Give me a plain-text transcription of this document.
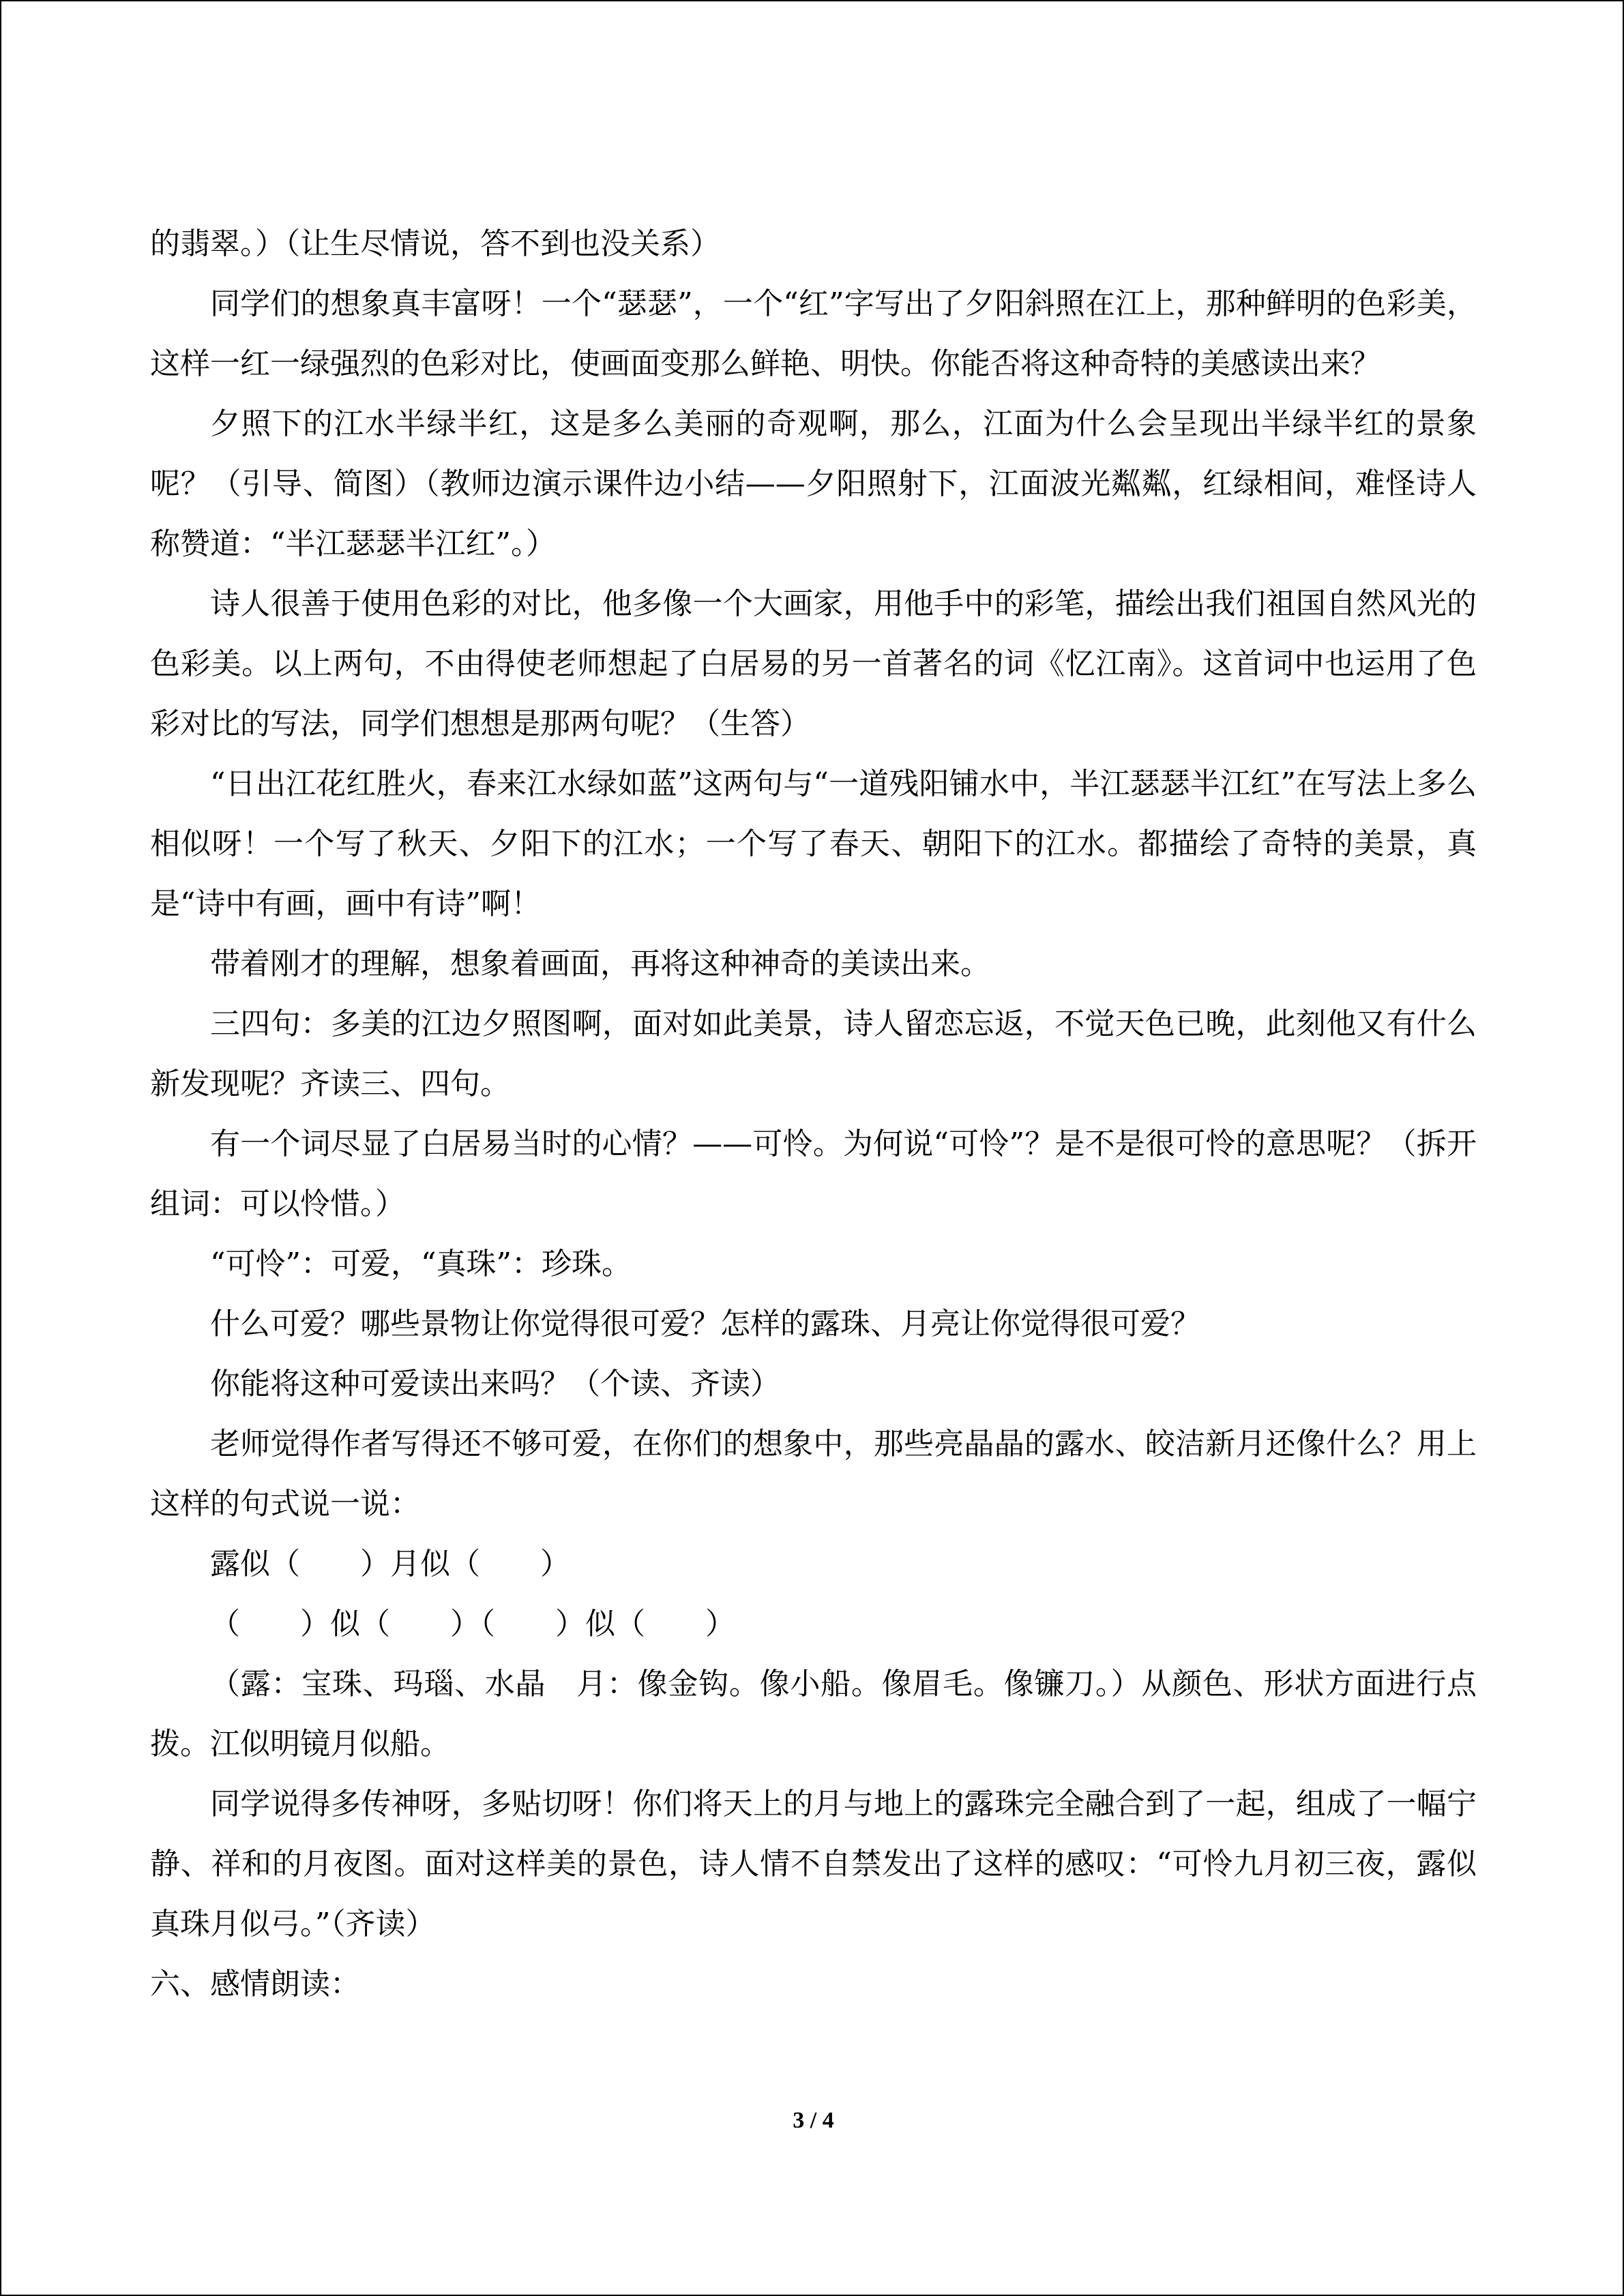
的翡翠。）（让生尽情说，答不到也没关系）

同学们的想象真丰富呀！一个“瑟瑟”，一个“红”字写出了夕阳斜照在江上，那种鲜明的色彩美，这样一红一绿强烈的色彩对比，使画面变那么鲜艳、明快。你能否将这种奇特的美感读出来？

夕照下的江水半绿半红，这是多么美丽的奇观啊，那么，江面为什么会呈现出半绿半红的景象呢？（引导、简图）（教师边演示课件边小结——夕阳照射下，江面波光粼粼，红绿相间，难怪诗人称赞道：“半江瑟瑟半江红”。）

诗人很善于使用色彩的对比，他多像一个大画家，用他手中的彩笔，描绘出我们祖国自然风光的色彩美。以上两句，不由得使老师想起了白居易的另一首著名的词《忆江南》。这首词中也运用了色彩对比的写法，同学们想想是那两句呢？（生答）

“日出江花红胜火，春来江水绿如蓝”这两句与“一道残阳铺水中，半江瑟瑟半江红”在写法上多么相似呀！一个写了秋天、夕阳下的江水；一个写了春天、朝阳下的江水。都描绘了奇特的美景，真是“诗中有画，画中有诗”啊！

带着刚才的理解，想象着画面，再将这种神奇的美读出来。

三四句：多美的江边夕照图啊，面对如此美景，诗人留恋忘返，不觉天色已晚，此刻他又有什么新发现呢？齐读三、四句。

有一个词尽显了白居易当时的心情？——可怜。为何说“可怜”？是不是很可怜的意思呢？（拆开组词：可以怜惜。）

“可怜”：可爱，“真珠”：珍珠。

什么可爱？哪些景物让你觉得很可爱？怎样的露珠、月亮让你觉得很可爱？

你能将这种可爱读出来吗？（个读、齐读）

老师觉得作者写得还不够可爱，在你们的想象中，那些亮晶晶的露水、皎洁新月还像什么？用上这样的句式说一说：

露似（　　）月似（　　）

（　　）似（　　）（　　）似（　　）

（露：宝珠、玛瑙、水晶　月：像金钩。像小船。像眉毛。像镰刀。）从颜色、形状方面进行点拨。江似明镜月似船。

同学说得多传神呀，多贴切呀！你们将天上的月与地上的露珠完全融合到了一起，组成了一幅宁静、祥和的月夜图。面对这样美的景色，诗人情不自禁发出了这样的感叹：“可怜九月初三夜，露似真珠月似弓。”（齐读）

六、感情朗读：

3 / 4
